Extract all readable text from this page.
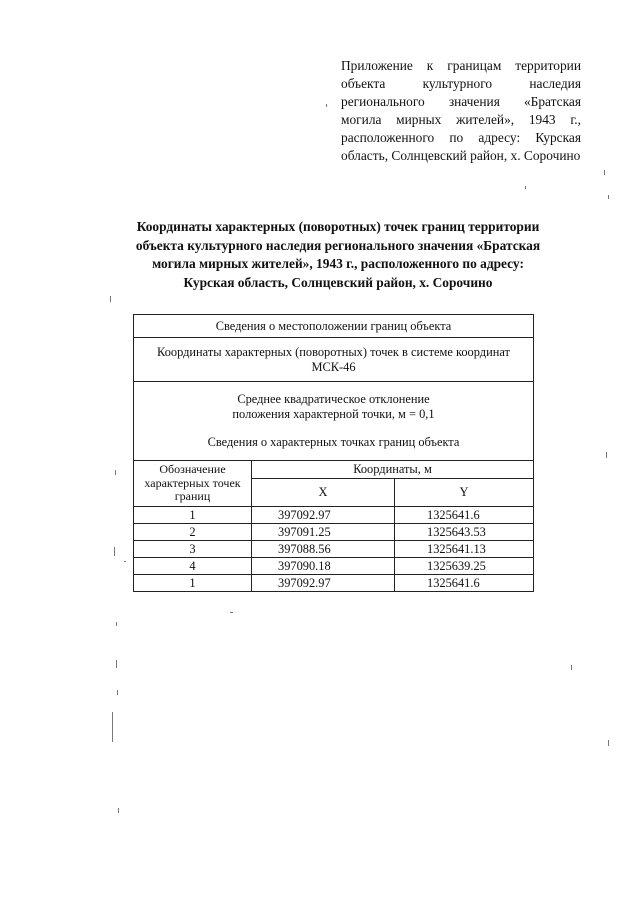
Приложение к границам территории объекта культурного наследия регионального значения «Братская могила мирных жителей», 1943 г., расположенного по адресу: Курская область, Солнцевский район, х. Сорочино
Координаты характерных (поворотных) точек границ территории
объекта культурного наследия регионального значения «Братская
могила мирных жителей», 1943 г., расположенного по адресу:
Курская область, Солнцевский район, х. Сорочино
Сведения о местоположении границ объекта		
Координаты характерных (поворотных) точек в системе координат МСК-46		

Среднее квадратическое отклонение
положения характерной точки, м = 0,1
Сведения о характерных точках границ объекта		

Обозначение характерных точек границ	Координаты, м	
	X	Y
1	397092.97	1325641.6
2	397091.25	1325643.53
3	397088.56	1325641.13
4	397090.18	1325639.25
1	397092.97	1325641.6
